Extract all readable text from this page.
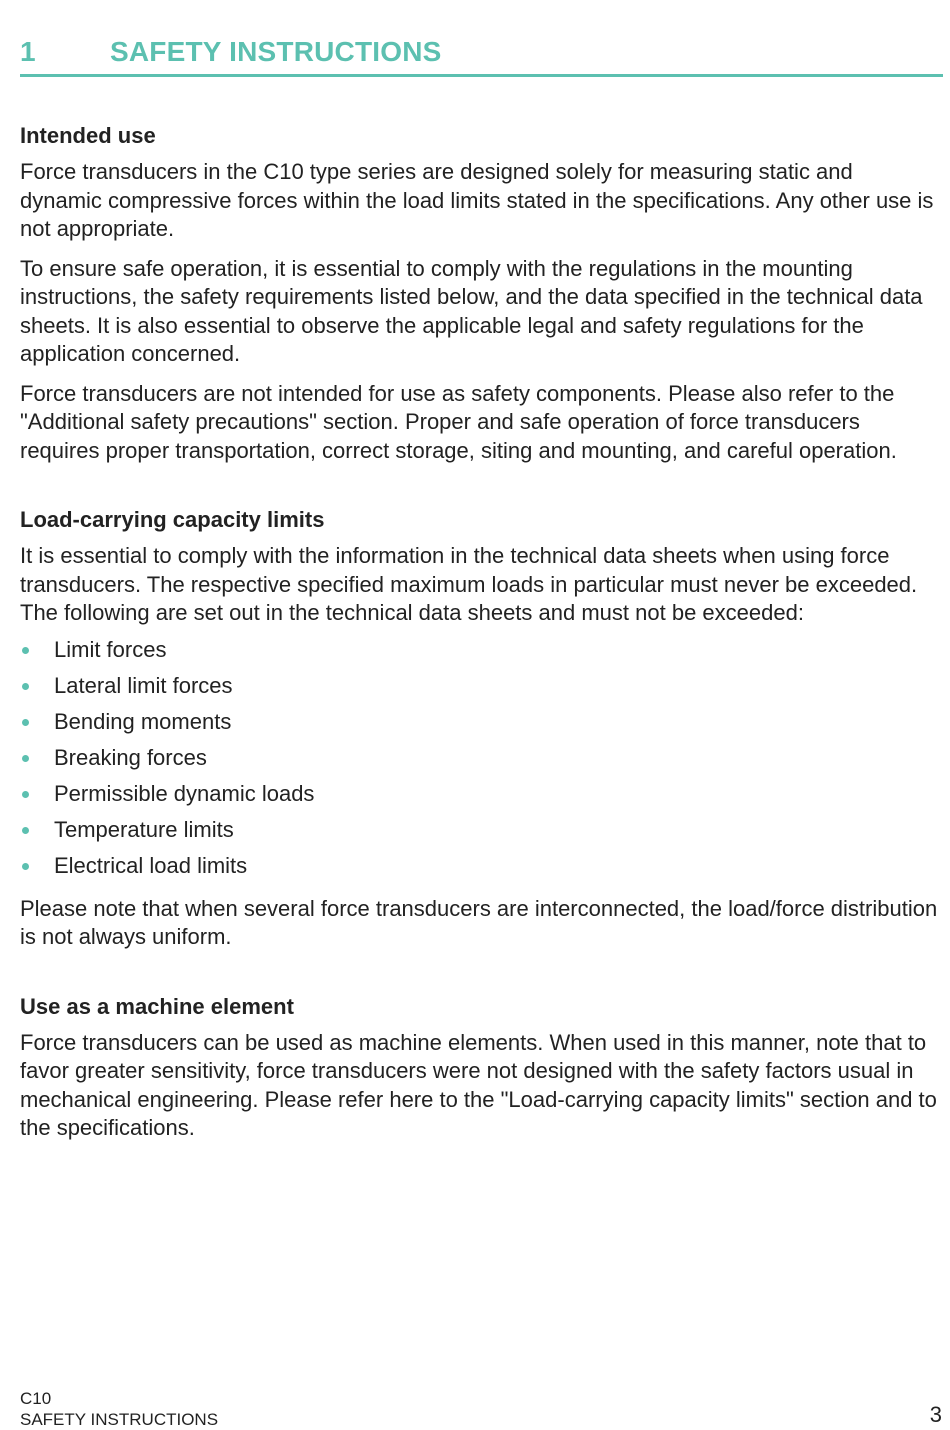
1	SAFETY INSTRUCTIONS
Intended use

Force transducers in the C10 type series are designed solely for measuring static and dynamic compressive forces within the load limits stated in the specifications. Any other use is not appropriate.

To ensure safe operation, it is essential to comply with the regulations in the mounting instructions, the safety requirements listed below, and the data specified in the technical data sheets. It is also essential to observe the applicable legal and safety regulations for the application concerned.

Force transducers are not intended for use as safety components. Please also refer to the "Additional safety precautions" section. Proper and safe operation of force transducers requires proper transportation, correct storage, siting and mounting, and careful operation.

Load-carrying capacity limits

It is essential to comply with the information in the technical data sheets when using force transducers. The respective specified maximum loads in particular must never be exceeded. The following are set out in the technical data sheets and must not be exceeded:

Limit forces
Lateral limit forces
Bending moments
Breaking forces
Permissible dynamic loads
Temperature limits
Electrical load limits

Please note that when several force transducers are interconnected, the load/force distribution is not always uniform.

Use as a machine element

Force transducers can be used as machine elements. When used in this manner, note that to favor greater sensitivity, force transducers were not designed with the safety factors usual in mechanical engineering. Please refer here to the "Load-carrying capacity limits" section and to the specifications.

C10
SAFETY INSTRUCTIONS	3
